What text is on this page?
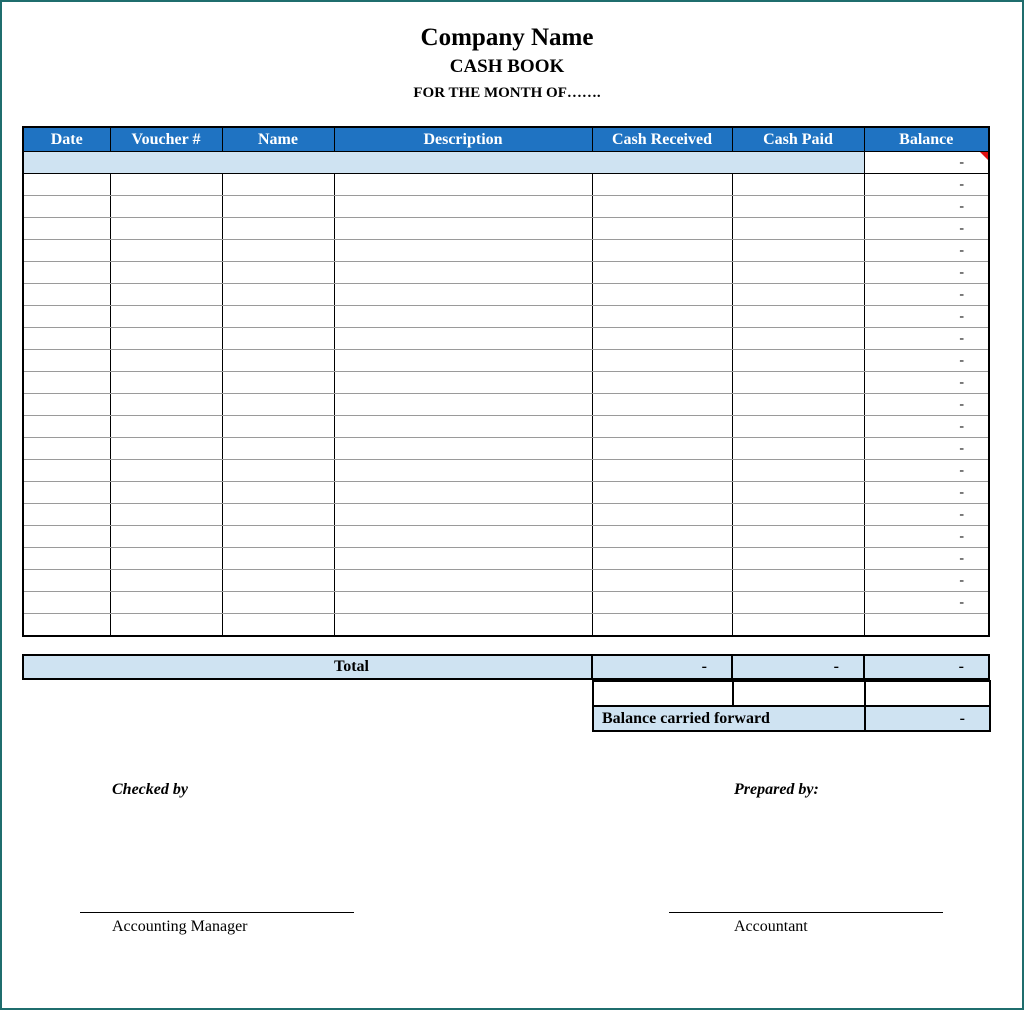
Company Name
CASH BOOK
FOR THE MONTH OF…….
Date	Voucher #	Name	Description	Cash Received	Cash Paid	Balance
						-

						-
						-
						-
						-
						-
						-
						-
						-
						-
						-
						-
						-
						-
						-
						-
						-
						-
						-
						-
						-

Total	-	-	-

Balance carried forward		-
Checked by
Accounting Manager
Prepared by:
Accountant
